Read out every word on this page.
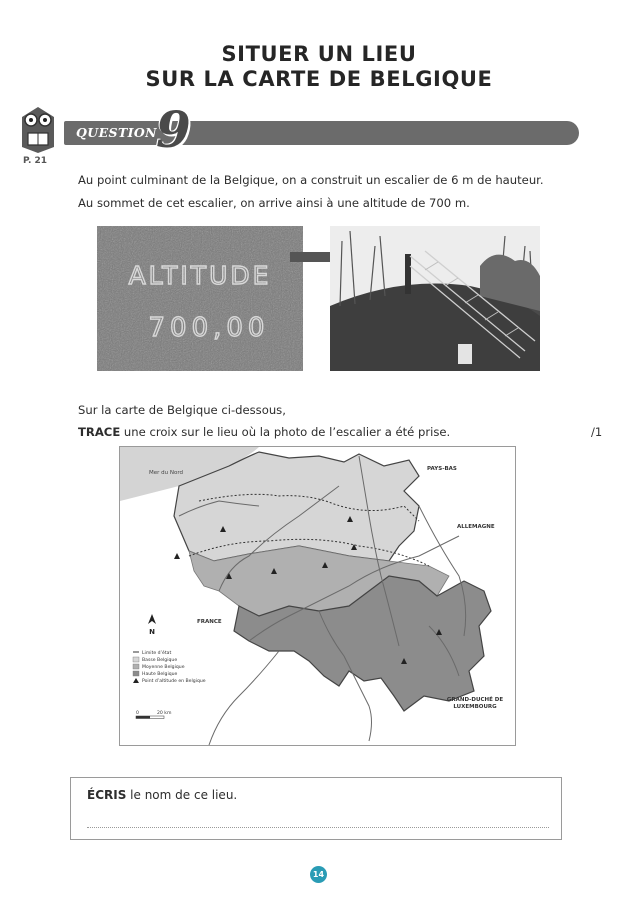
SITUER UN LIEU
SUR LA CARTE DE BELGIQUE
P. 21
QUESTION
9
Au point culminant de la Belgique, on a construit un escalier de 6 m de hauteur.
Au sommet de cet escalier, on arrive ainsi à une altitude de 700 m.
ALTITUDE
700,00
Sur la carte de Belgique ci-dessous,
TRACE une croix sur le lieu où la photo de l’escalier a été prise.	/1
Mer du Nord
PAYS-BAS
ALLEMAGNE
FRANCE
GRAND-DUCHÉ DE
LUXEMBOURG
N
Limite d’état
Basse Belgique
Moyenne Belgique
Haute Belgique
Point d’altitude en Belgique
0	20 km
ÉCRIS le nom de ce lieu.
14
